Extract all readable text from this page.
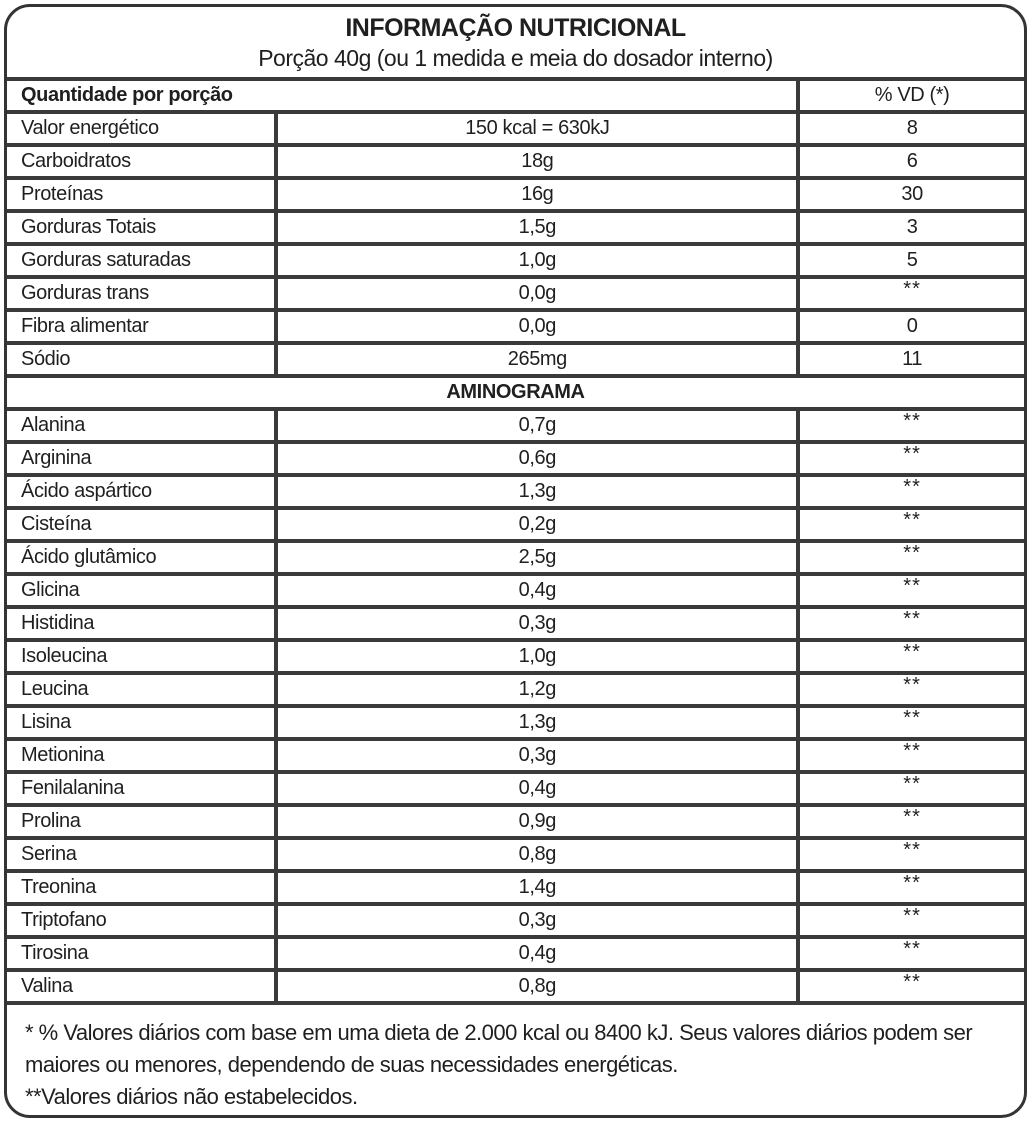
INFORMAÇÃO NUTRICIONAL
Porção 40g (ou 1 medida e meia do dosador interno)
Quantidade por porção	% VD (*)
Valor energético	150 kcal = 630kJ	8
Carboidratos	18g	6
Proteínas	16g	30
Gorduras Totais	1,5g	3
Gorduras saturadas	1,0g	5
Gorduras trans	0,0g	**
Fibra alimentar	0,0g	0
Sódio	265mg	11
AMINOGRAMA
Alanina	0,7g	**
Arginina	0,6g	**
Ácido aspártico	1,3g	**
Cisteína	0,2g	**
Ácido glutâmico	2,5g	**
Glicina	0,4g	**
Histidina	0,3g	**
Isoleucina	1,0g	**
Leucina	1,2g	**
Lisina	1,3g	**
Metionina	0,3g	**
Fenilalanina	0,4g	**
Prolina	0,9g	**
Serina	0,8g	**
Treonina	1,4g	**
Triptofano	0,3g	**
Tirosina	0,4g	**
Valina	0,8g	**

* % Valores diários com base em uma dieta de 2.000 kcal ou 8400 kJ. Seus valores diários podem ser maiores ou menores, dependendo de suas necessidades energéticas.

**Valores diários não estabelecidos.
